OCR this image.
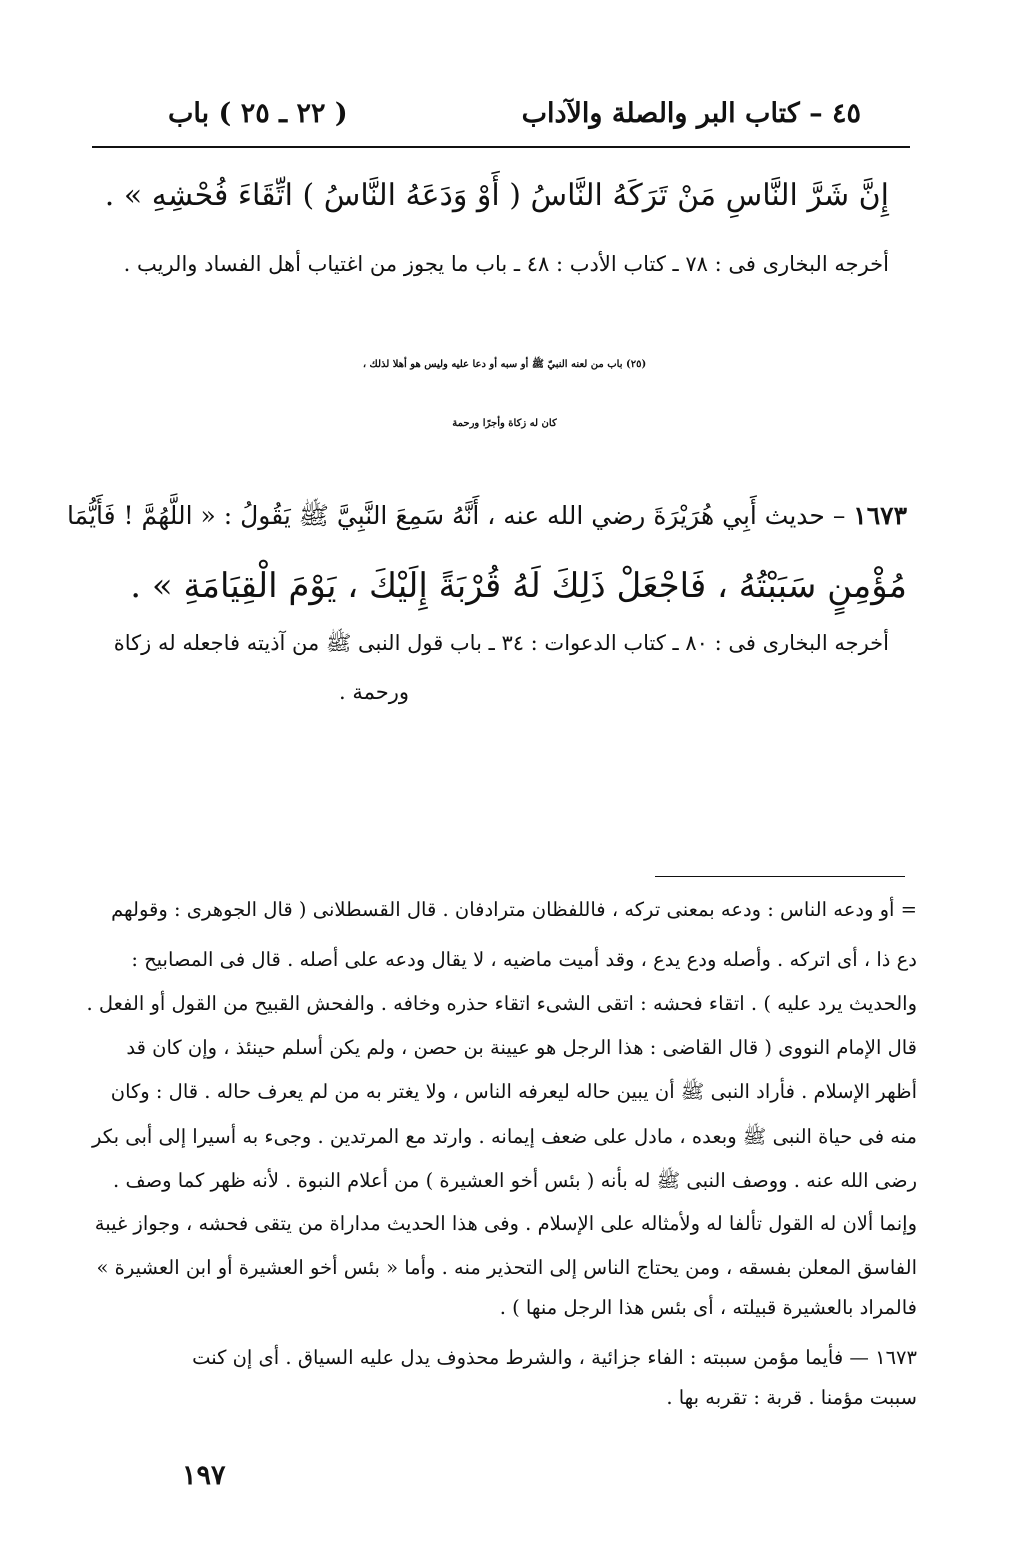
٤٥ – كتاب البر والصلة والآداب
( ٢٢ ـ ٢٥ ) باب
إِنَّ شَرَّ النَّاسِ مَنْ تَرَكَهُ النَّاسُ ( أَوْ وَدَعَهُ النَّاسُ ) اتِّقَاءَ فُحْشِهِ » .
أخرجه البخارى فى : ٧٨ ـ كتاب الأدب : ٤٨ ـ باب ما يجوز من اغتياب أهل الفساد والريب .
(٢٥) باب من لعنه النبيّ ﷺ أو سبه أو دعا عليه وليس هو أهلا لذلك ،
كان له زكاة وأجرًا ورحمة
١٦٧٣ – حديث أَبِي هُرَيْرَةَ رضي الله عنه ، أَنَّهُ سَمِعَ النَّبِيَّ ﷺ يَقُولُ : « اللَّهُمَّ ! فَأَيُّمَا
مُؤْمِنٍ سَبَبْتُهُ ، فَاجْعَلْ ذَلِكَ لَهُ قُرْبَةً إِلَيْكَ ، يَوْمَ الْقِيَامَةِ » .
أخرجه البخارى فى : ٨٠ ـ كتاب الدعوات : ٣٤ ـ باب قول النبى ﷺ من آذيته فاجعله له زكاة
ورحمة .
= أو ودعه الناس : ودعه بمعنى تركه ، فاللفظان مترادفان . قال القسطلانى ( قال الجوهرى : وقولهم
دع ذا ، أى اتركه . وأصله ودع يدع ، وقد أميت ماضيه ، لا يقال ودعه على أصله . قال فى المصابيح :
والحديث يرد عليه ) . اتقاء فحشه : اتقى الشىء اتقاء حذره وخافه . والفحش القبيح من القول أو الفعل .
قال الإمام النووى ( قال القاضى : هذا الرجل هو عيينة بن حصن ، ولم يكن أسلم حينئذ ، وإن كان قد
أظهر الإسلام . فأراد النبى ﷺ أن يبين حاله ليعرفه الناس ، ولا يغتر به من لم يعرف حاله . قال : وكان
منه فى حياة النبى ﷺ وبعده ، مادل على ضعف إيمانه . وارتد مع المرتدين . وجىء به أسيرا إلى أبى بكر
رضى الله عنه . ووصف النبى ﷺ له بأنه ( بئس أخو العشيرة ) من أعلام النبوة . لأنه ظهر كما وصف .
وإنما ألان له القول تألفا له ولأمثاله على الإسلام . وفى هذا الحديث مداراة من يتقى فحشه ، وجواز غيبة
الفاسق المعلن بفسقه ، ومن يحتاج الناس إلى التحذير منه . وأما « بئس أخو العشيرة أو ابن العشيرة »
فالمراد بالعشيرة قبيلته ، أى بئس هذا الرجل منها ) .
١٦٧٣ — فأيما مؤمن سببته : الفاء جزائية ، والشرط محذوف يدل عليه السياق . أى إن كنت
سببت مؤمنا . قربة : تقربه بها .
١٩٧
